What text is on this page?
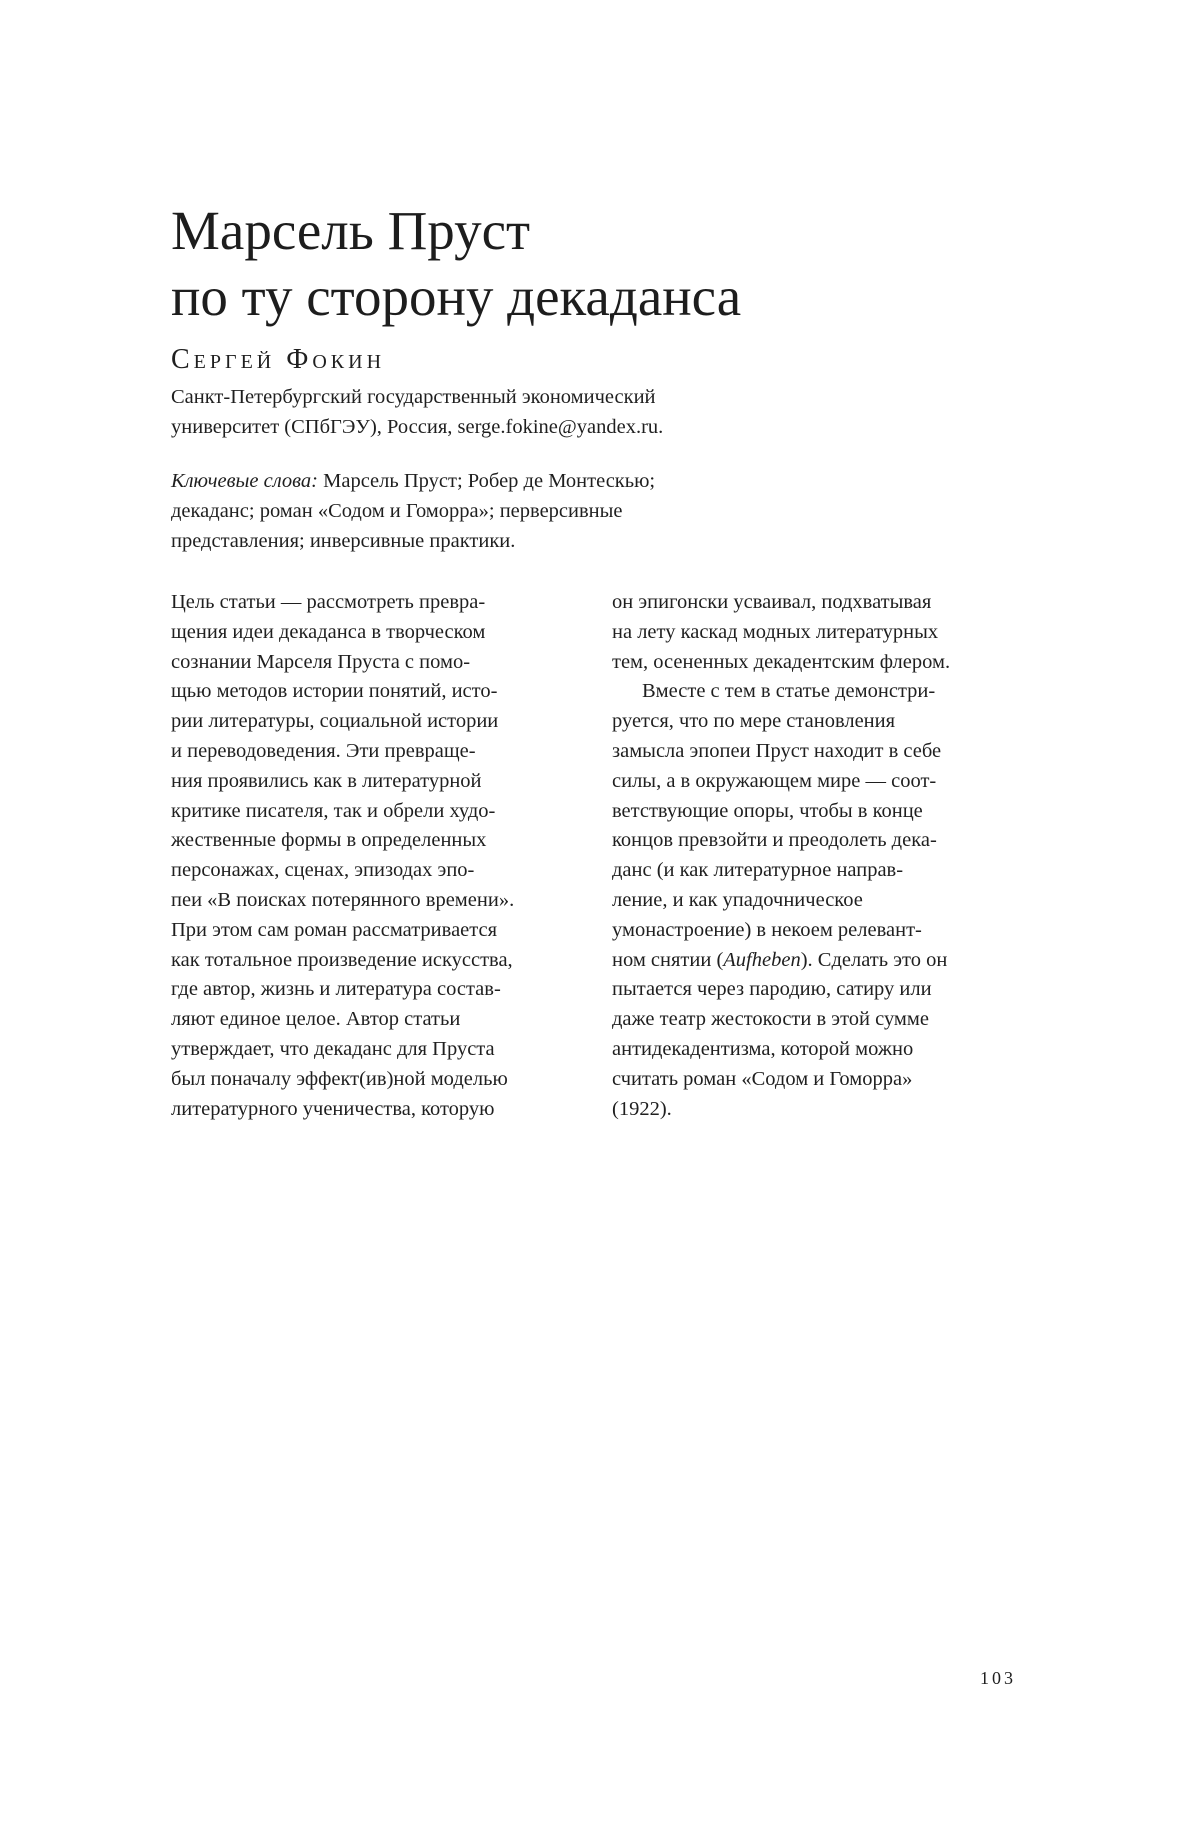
Марсель Пруст
по ту сторону декаданса
Сергей Фокин
Санкт-Петербургский государственный экономический
университет (СПбГЭУ), Россия, serge.fokine@yandex.ru.
Ключевые слова: Марсель Пруст; Робер де Монтескью;
декаданс; роман «Содом и Гоморра»; перверсивные
представления; инверсивные практики.
Цель статьи — рассмотреть превра-
щения идеи декаданса в творческом
сознании Марселя Пруста с помо-
щью методов истории понятий, исто-
рии литературы, социальной истории
и переводоведения. Эти превраще-
ния проявились как в литературной
критике писателя, так и обрели худо-
жественные формы в определенных
персонажах, сценах, эпизодах эпо-
пеи «В поисках потерянного времени».
При этом сам роман рассматривается
как тотальное произведение искусства,
где автор, жизнь и литература состав-
ляют единое целое. Автор статьи
утверждает, что декаданс для Пруста
был поначалу эффект(ив)ной моделью
литературного ученичества, которую
он эпигонски усваивал, подхватывая
на лету каскад модных литературных
тем, осененных декадентским флером.
Вместе с тем в статье демонстри-
руется, что по мере становления
замысла эпопеи Пруст находит в себе
силы, а в окружающем мире — соот-
ветствующие опоры, чтобы в конце
концов превзойти и преодолеть дека-
данс (и как литературное направ-
ление, и как упадочническое
умонастроение) в некоем релевант-
ном снятии (Aufheben). Сделать это он
пытается через пародию, сатиру или
даже театр жестокости в этой сумме
антидекадентизма, которой можно
считать роман «Содом и Гоморра»
(1922).
103
